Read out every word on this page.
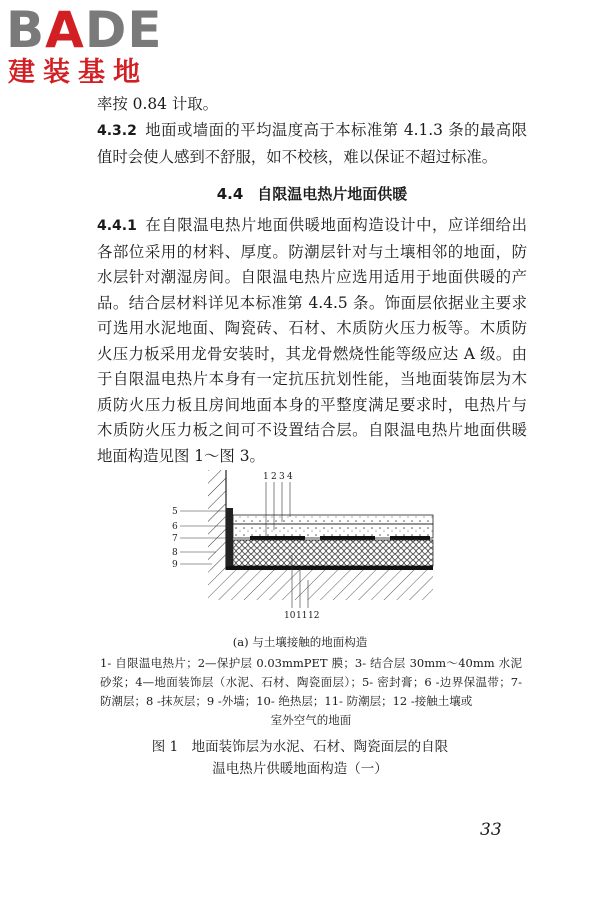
BADE
建装基地

率按 0.84 计取。

4.3.2 地面或墙面的平均温度高于本标准第 4.1.3 条的最高限值时会使人感到不舒服，如不校核，难以保证不超过标准。

4.4 自限温电热片地面供暖

4.4.1 在自限温电热片地面供暖地面构造设计中，应详细给出各部位采用的材料、厚度。防潮层针对与土壤相邻的地面，防水层针对潮湿房间。自限温电热片应选用适用于地面供暖的产品。结合层材料详见本标准第 4.4.5 条。饰面层依据业主要求可选用水泥地面、陶瓷砖、石材、木质防火压力板等。木质防火压力板采用龙骨安装时，其龙骨燃烧性能等级应达 A 级。由于自限温电热片本身有一定抗压抗划性能，当地面装饰层为木质防火压力板且房间地面本身的平整度满足要求时，电热片与木质防火压力板之间可不设置结合层。自限温电热片地面供暖地面构造见图 1～图 3。

1 2 3 4
5
6
7
8
9
10 11 12
(a) 与土壤接触的地面构造
1- 自限温电热片；2—保护层 0.03mmPET 膜；3- 结合层 30mm～40mm 水泥砂浆；4—地面装饰层（水泥、石材、陶瓷面层）；5- 密封膏；6 -边界保温带；7- 防潮层；8 -抹灰层；9 -外墙；10- 绝热层；11- 防潮层；12 -接触土壤或
室外空气的地面
图 1　地面装饰层为水泥、石材、陶瓷面层的自限
温电热片供暖地面构造（一）
33
